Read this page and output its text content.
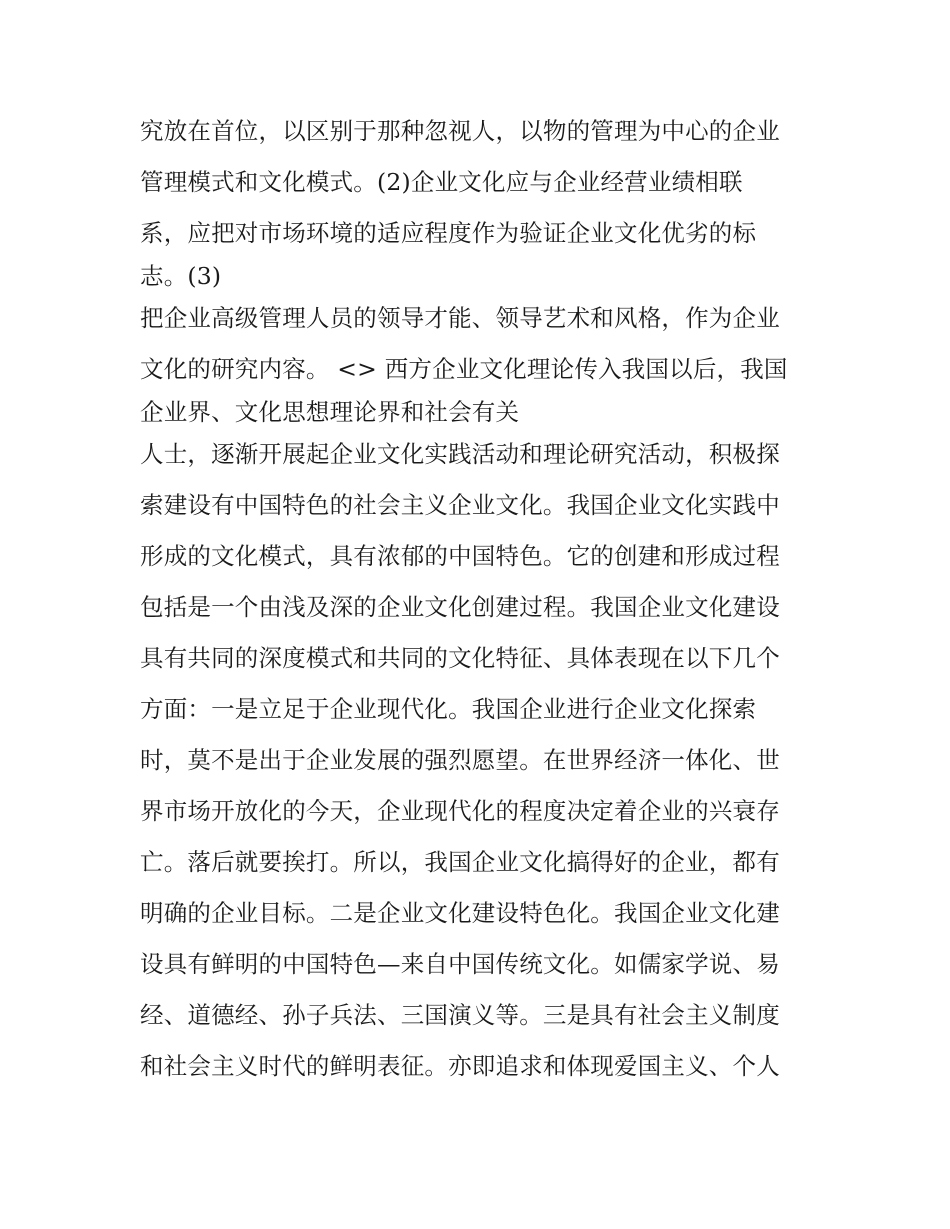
究放在首位，以区别于那种忽视人，以物的管理为中心的企业
管理模式和文化模式。(2)企业文化应与企业经营业绩相联
系，应把对市场环境的适应程度作为验证企业文化优劣的标
志。(3)
把企业高级管理人员的领导才能、领导艺术和风格，作为企业
文化的研究内容。 <> 西方企业文化理论传入我国以后，我国
企业界、文化思想理论界和社会有关
人士，逐渐开展起企业文化实践活动和理论研究活动，积极探
索建设有中国特色的社会主义企业文化。我国企业文化实践中
形成的文化模式，具有浓郁的中国特色。它的创建和形成过程
包括是一个由浅及深的企业文化创建过程。我国企业文化建设
具有共同的深度模式和共同的文化特征、具体表现在以下几个
方面：一是立足于企业现代化。我国企业进行企业文化探索
时，莫不是出于企业发展的强烈愿望。在世界经济一体化、世
界市场开放化的今天，企业现代化的程度决定着企业的兴衰存
亡。落后就要挨打。所以，我国企业文化搞得好的企业，都有
明确的企业目标。二是企业文化建设特色化。我国企业文化建
设具有鲜明的中国特色—来自中国传统文化。如儒家学说、易
经、道德经、孙子兵法、三国演义等。三是具有社会主义制度
和社会主义时代的鲜明表征。亦即追求和体现爱国主义、个人
